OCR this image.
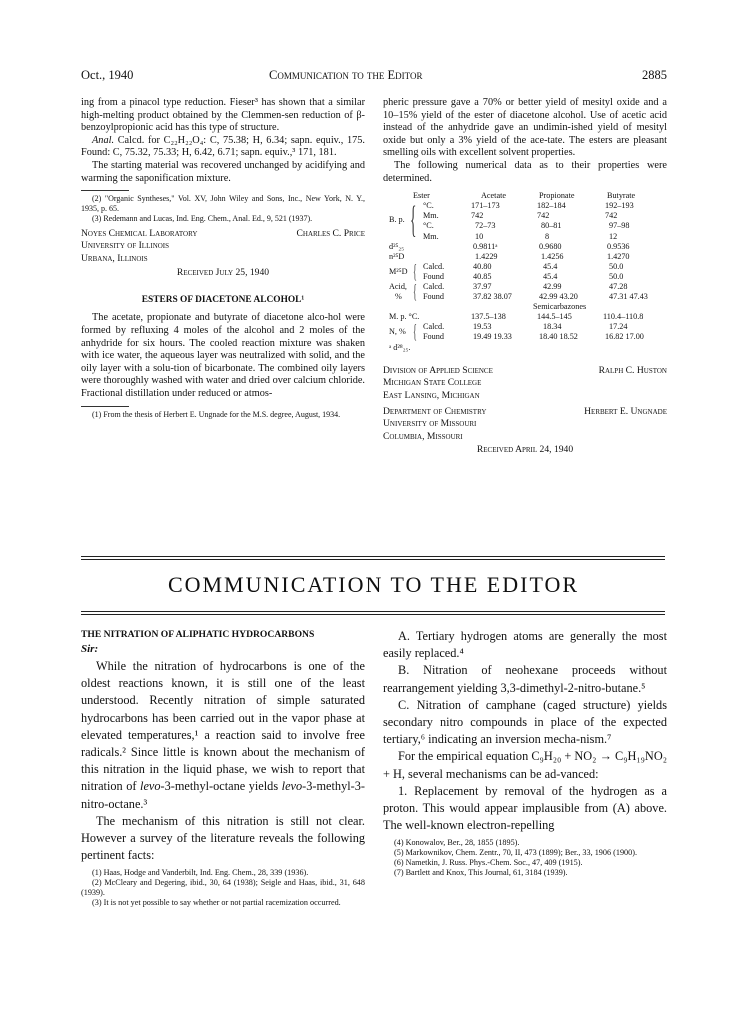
Oct., 1940	Communication to the Editor	2885

ing from a pinacol type reduction. Fieser³ has shown that a similar high-melting product obtained by the Clemmen-sen reduction of β-benzoylpropionic acid has this type of structure.

Anal. Calcd. for C₂₂H₂₂O₄: C, 75.38; H, 6.34; sapn. equiv., 175. Found: C, 75.32, 75.33; H, 6.42, 6.71; sapn. equiv.,³ 171, 181.

The starting material was recovered unchanged by acidifying and warming the saponification mixture.

(2) "Organic Syntheses," Vol. XV, John Wiley and Sons, Inc., New York, N. Y., 1935, p. 65.

(3) Redemann and Lucas, Ind. Eng. Chem., Anal. Ed., 9, 521 (1937).

Noyes Chemical Laboratory
University of Illinois
Urbana, Illinois
Charles C. Price
Received July 25, 1940
ESTERS OF DIACETONE ALCOHOL¹

The acetate, propionate and butyrate of diacetone alco-hol were formed by refluxing 4 moles of the alcohol and 2 moles of the anhydride for six hours. The cooled reaction mixture was shaken with ice water, the aqueous layer was neutralized with solid, and the oily layer with a solu-tion of bicarbonate. The combined oily layers were thoroughly washed with water and dried over calcium chloride. Fractional distillation under reduced or atmos-

(1) From the thesis of Herbert E. Ungnade for the M.S. degree, August, 1934.

pheric pressure gave a 70% or better yield of mesityl oxide and a 10–15% yield of the ester of diacetone alcohol. Use of acetic acid instead of the anhydride gave an undimin-ished yield of mesityl oxide but only a 3% yield of the ace-tate. The esters are pleasant smelling oils with excellent solvent properties.

The following numerical data as to their properties were determined.

Ester	Acetate	Propionate	Butyrate
B. p. { °C.	171–173	182–184	192–193
Mm.	742	742	742
°C.	72–73	80–81	97–98
Mm.	10	8	12
d²⁵₂₅	0.9811ᵃ	0.9680	0.9536
n²⁵D	1.4229	1.4256	1.4270
M²⁵D { Calcd.	40.80	45.4	50.0
Found	40.85	45.4	50.0
Acid,
% { Calcd.	37.97	42.99	47.28
Found	37.82 38.07	42.99 43.20	47.31 47.43
Semicarbazones
M. p. °C.	137.5–138	144.5–145	110.4–110.8
N, % { Calcd.	19.53	18.34	17.24
Found	19.49 19.33	18.40 18.52	16.82 17.00
ᵃ d²⁸₂₅.
Division of Applied Science
Michigan State College
East Lansing, Michigan
Ralph C. Huston
Department of Chemistry
University of Missouri
Columbia, Missouri
Herbert E. Ungnade
Received April 24, 1940
COMMUNICATION TO THE EDITOR
THE NITRATION OF ALIPHATIC HYDROCARBONS
Sir:

While the nitration of hydrocarbons is one of the oldest reactions known, it is still one of the least understood. Recently nitration of simple saturated hydrocarbons has been carried out in the vapor phase at elevated temperatures,¹ a reaction said to involve free radicals.² Since little is known about the mechanism of this nitration in the liquid phase, we wish to report that nitration of levo-3-methyl-octane yields levo-3-methyl-3-nitro-octane.³

The mechanism of this nitration is still not clear. However a survey of the literature reveals the following pertinent facts:

(1) Haas, Hodge and Vanderbilt, Ind. Eng. Chem., 28, 339 (1936).

(2) McCleary and Degering, ibid., 30, 64 (1938); Seigle and Haas, ibid., 31, 648 (1939).

(3) It is not yet possible to say whether or not partial racemization occurred.

A. Tertiary hydrogen atoms are generally the most easily replaced.⁴

B. Nitration of neohexane proceeds without rearrangement yielding 3,3-dimethyl-2-nitro-butane.⁵

C. Nitration of camphane (caged structure) yields secondary nitro compounds in place of the expected tertiary,⁶ indicating an inversion mecha-nism.⁷

For the empirical equation C₉H₂₀ + NO₂ → C₉H₁₉NO₂ + H, several mechanisms can be ad-vanced:

1. Replacement by removal of the hydrogen as a proton. This would appear implausible from (A) above. The well-known electron-repelling

(4) Konowalov, Ber., 28, 1855 (1895).

(5) Markownikov, Chem. Zentr., 70, II, 473 (1899); Ber., 33, 1906 (1900).

(6) Nametkin, J. Russ. Phys.-Chem. Soc., 47, 409 (1915).

(7) Bartlett and Knox, This Journal, 61, 3184 (1939).
